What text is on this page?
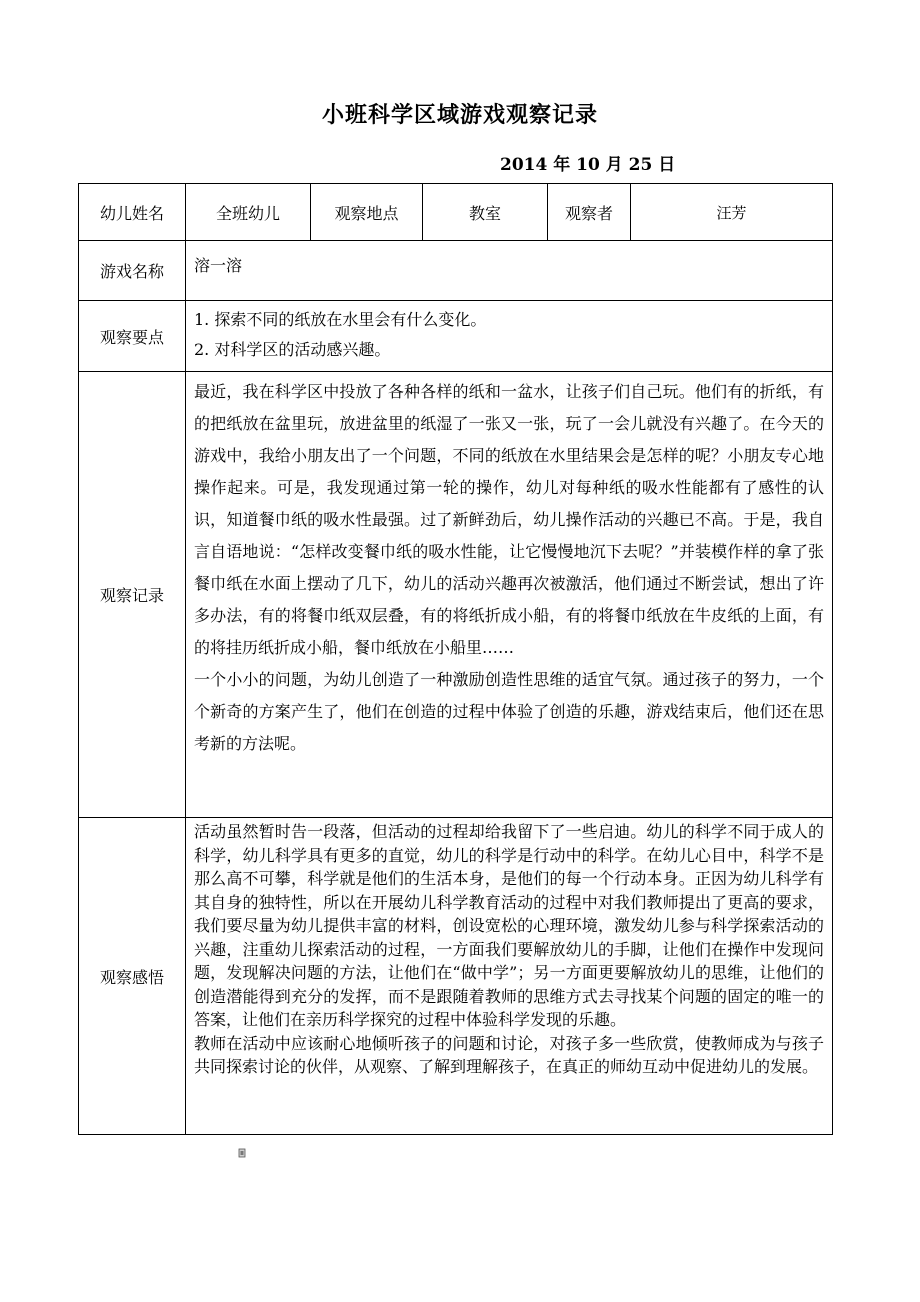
小班科学区域游戏观察记录
2014 年 10 月 25 日
幼儿姓名	全班幼儿	观察地点	教室	观察者	汪芳
游戏名称	溶一溶				
观察要点	1. 探索不同的纸放在水里会有什么变化。

2. 对科学区的活动感兴趣。				

观察记录	最近，我在科学区中投放了各种各样的纸和一盆水，让孩子们自己玩。他们有的折纸，有的把纸放在盆里玩，放进盆里的纸湿了一张又一张，玩了一会儿就没有兴趣了。在今天的游戏中，我给小朋友出了一个问题，不同的纸放在水里结果会是怎样的呢？小朋友专心地操作起来。可是，我发现通过第一轮的操作，幼儿对每种纸的吸水性能都有了感性的认识，知道餐巾纸的吸水性最强。过了新鲜劲后，幼儿操作活动的兴趣已不高。于是，我自言自语地说：“怎样改变餐巾纸的吸水性能，让它慢慢地沉下去呢？”并装模作样的拿了张餐巾纸在水面上摆动了几下，幼儿的活动兴趣再次被激活，他们通过不断尝试，想出了许多办法，有的将餐巾纸双层叠，有的将纸折成小船，有的将餐巾纸放在牛皮纸的上面，有的将挂历纸折成小船，餐巾纸放在小船里……

一个小小的问题，为幼儿创造了一种激励创造性思维的适宜气氛。通过孩子的努力，一个个新奇的方案产生了，他们在创造的过程中体验了创造的乐趣，游戏结束后，他们还在思考新的方法呢。				

观察感悟	活动虽然暂时告一段落，但活动的过程却给我留下了一些启迪。幼儿的科学不同于成人的科学，幼儿科学具有更多的直觉，幼儿的科学是行动中的科学。在幼儿心目中，科学不是那么高不可攀，科学就是他们的生活本身，是他们的每一个行动本身。正因为幼儿科学有其自身的独特性，所以在开展幼儿科学教育活动的过程中对我们教师提出了更高的要求，我们要尽量为幼儿提供丰富的材料，创设宽松的心理环境，激发幼儿参与科学探索活动的兴趣，注重幼儿探索活动的过程，一方面我们要解放幼儿的手脚，让他们在操作中发现问题，发现解决问题的方法，让他们在“做中学”；另一方面更要解放幼儿的思维，让他们的创造潜能得到充分的发挥，而不是跟随着教师的思维方式去寻找某个问题的固定的唯一的答案，让他们在亲历科学探究的过程中体验科学发现的乐趣。

教师在活动中应该耐心地倾听孩子的问题和讨论，对孩子多一些欣赏，使教师成为与孩子共同探索讨论的伙伴，从观察、了解到理解孩子，在真正的师幼互动中促进幼儿的发展。				
